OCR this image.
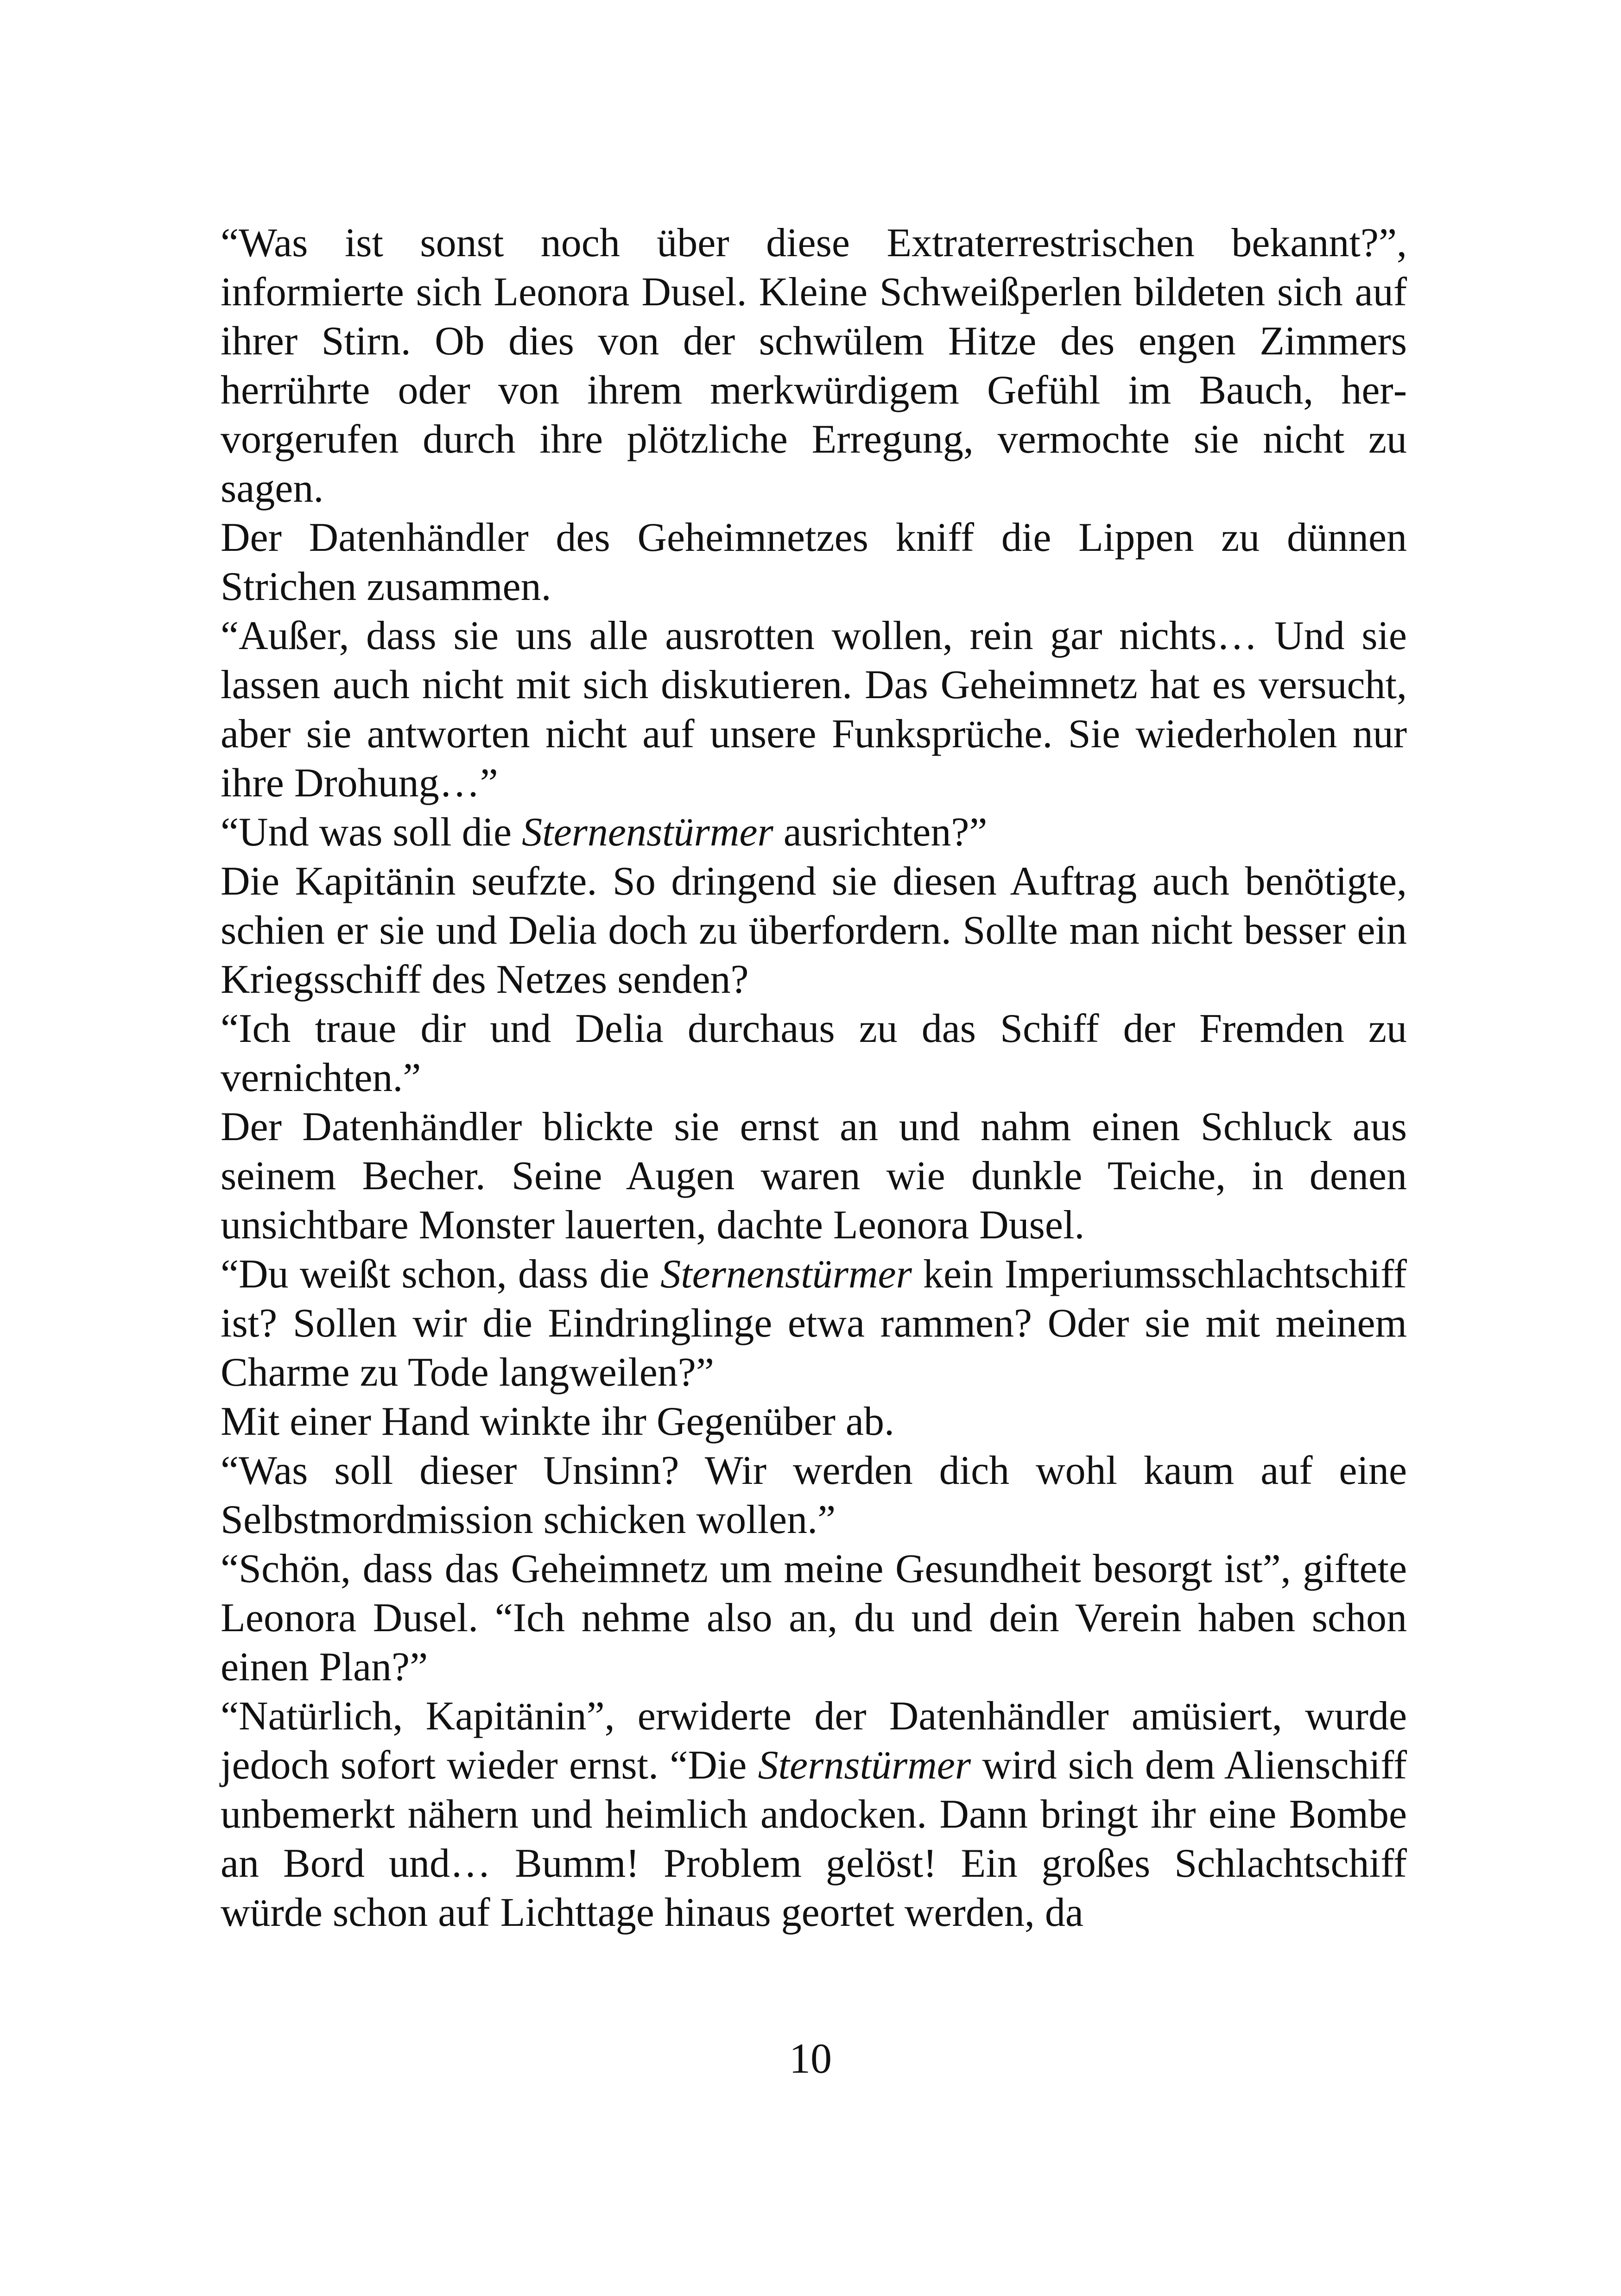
“Was ist sonst noch über diese Extraterrestrischen bekannt?”, informierte sich Leonora Dusel. Kleine Schweißperlen bildeten sich auf ihrer Stirn. Ob dies von der schwülem Hitze des engen Zimmers herrührte oder von ihrem merkwürdigem Gefühl im Bauch, hervorgerufen durch ihre plötzliche Erregung, vermochte sie nicht zu sagen.

Der Datenhändler des Geheimnetzes kniff die Lippen zu dünnen Strichen zusammen.

“Außer, dass sie uns alle ausrotten wollen, rein gar nichts… Und sie lassen auch nicht mit sich diskutieren. Das Geheimnetz hat es versucht, aber sie antworten nicht auf unsere Funksprüche. Sie wiederholen nur ihre Drohung…”

“Und was soll die Sternenstürmer ausrichten?”

Die Kapitänin seufzte. So dringend sie diesen Auftrag auch benötigte, schien er sie und Delia doch zu überfordern. Sollte man nicht besser ein Kriegsschiff des Netzes senden?

“Ich traue dir und Delia durchaus zu das Schiff der Fremden zu vernichten.”

Der Datenhändler blickte sie ernst an und nahm einen Schluck aus seinem Becher. Seine Augen waren wie dunkle Teiche, in denen unsichtbare Monster lauerten, dachte Leonora Dusel.

“Du weißt schon, dass die Sternenstürmer kein Imperiumsschlachtschiff ist? Sollen wir die Eindringlinge etwa rammen? Oder sie mit meinem Charme zu Tode langweilen?”

Mit einer Hand winkte ihr Gegenüber ab.

“Was soll dieser Unsinn? Wir werden dich wohl kaum auf eine Selbstmordmission schicken wollen.”

“Schön, dass das Geheimnetz um meine Gesundheit besorgt ist”, giftete Leonora Dusel. “Ich nehme also an, du und dein Verein haben schon einen Plan?”

“Natürlich, Kapitänin”, erwiderte der Datenhändler amüsiert, wurde jedoch sofort wieder ernst. “Die Sternstürmer wird sich dem Alienschiff unbemerkt nähern und heimlich andocken. Dann bringt ihr eine Bombe an Bord und… Bumm! Problem gelöst! Ein großes Schlachtschiff würde schon auf Lichttage hinaus geortet werden, da

10
